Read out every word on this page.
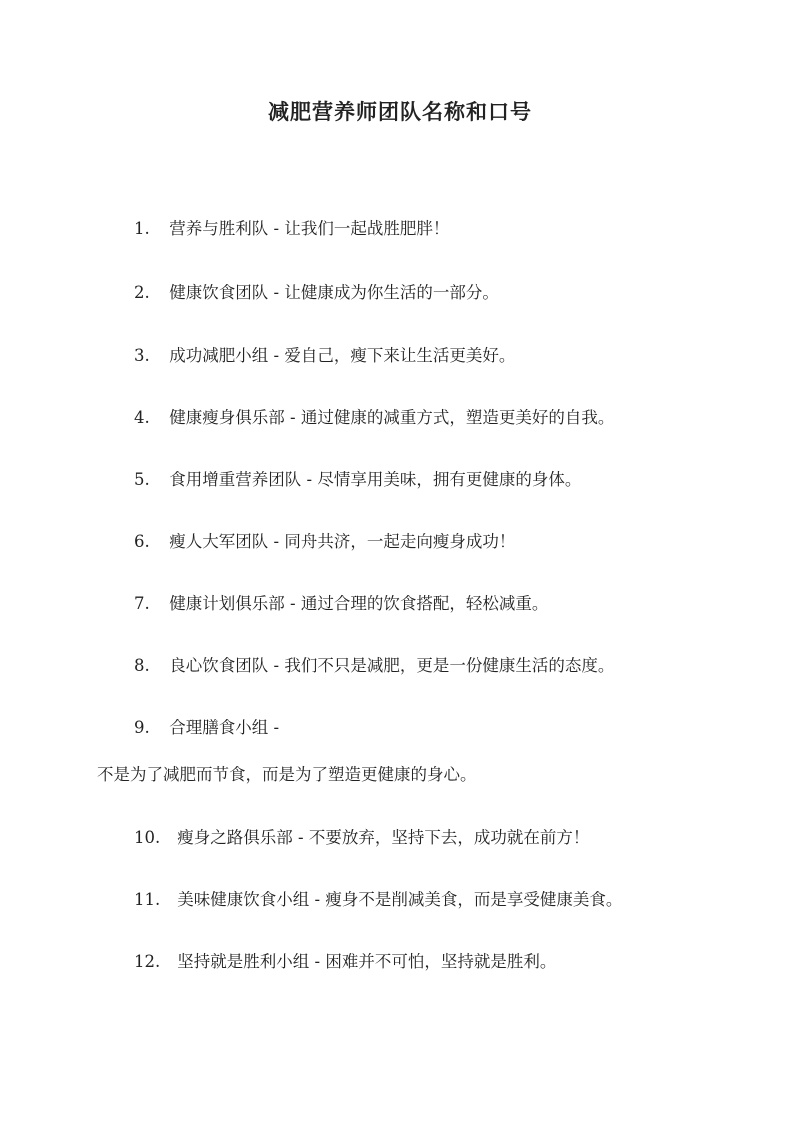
减肥营养师团队名称和口号
1. 营养与胜利队 - 让我们一起战胜肥胖！
2. 健康饮食团队 - 让健康成为你生活的一部分。
3. 成功减肥小组 - 爱自己，瘦下来让生活更美好。
4. 健康瘦身俱乐部 - 通过健康的减重方式，塑造更美好的自我。
5. 食用增重营养团队 - 尽情享用美味，拥有更健康的身体。
6. 瘦人大军团队 - 同舟共济，一起走向瘦身成功！
7. 健康计划俱乐部 - 通过合理的饮食搭配，轻松减重。
8. 良心饮食团队 - 我们不只是减肥，更是一份健康生活的态度。
9. 合理膳食小组 -
不是为了减肥而节食，而是为了塑造更健康的身心。
10. 瘦身之路俱乐部 - 不要放弃，坚持下去，成功就在前方！
11. 美味健康饮食小组 - 瘦身不是削减美食，而是享受健康美食。
12. 坚持就是胜利小组 - 困难并不可怕，坚持就是胜利。
